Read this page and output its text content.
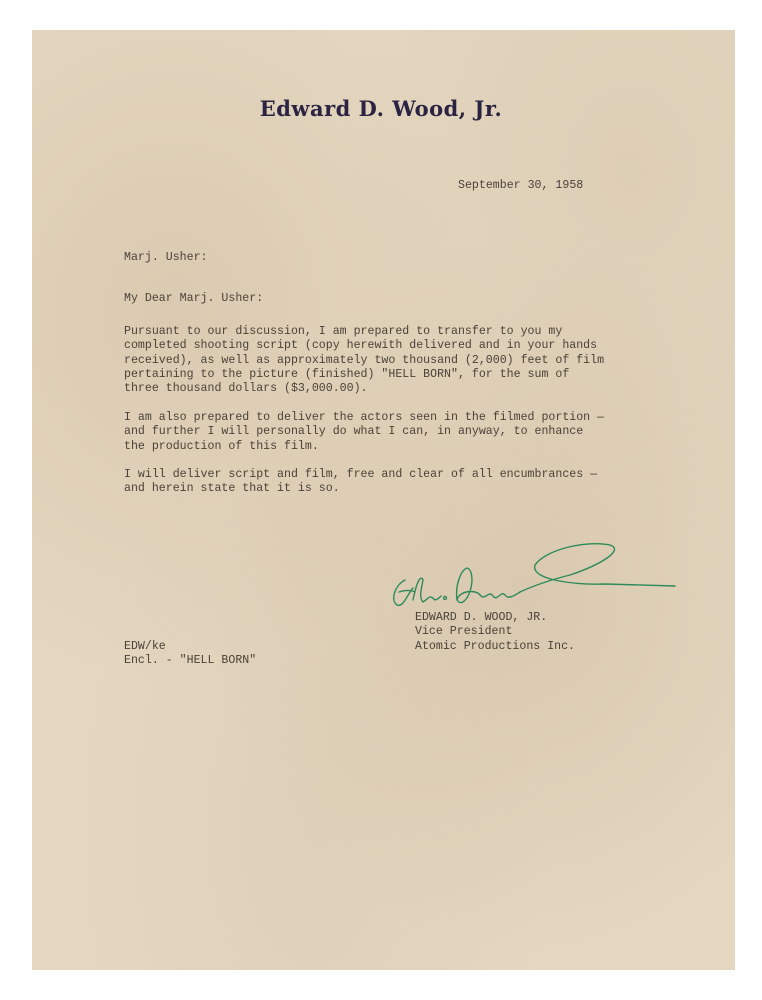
Edward D. Wood, Jr.
September 30, 1958
Marj. Usher:
My Dear Marj. Usher:
Pursuant to our discussion, I am prepared to transfer to you my
completed shooting script (copy herewith delivered and in your hands
received), as well as approximately two thousand (2,000) feet of film
pertaining to the picture (finished) "HELL BORN", for the sum of
three thousand dollars ($3,000.00).
I am also prepared to deliver the actors seen in the filmed portion —
and further I will personally do what I can, in anyway, to enhance
the production of this film.
I will deliver script and film, free and clear of all encumbrances —
and herein state that it is so.
EDWARD D. WOOD, JR.
Vice President
Atomic Productions Inc.
EDW/ke
Encl. - "HELL BORN"
